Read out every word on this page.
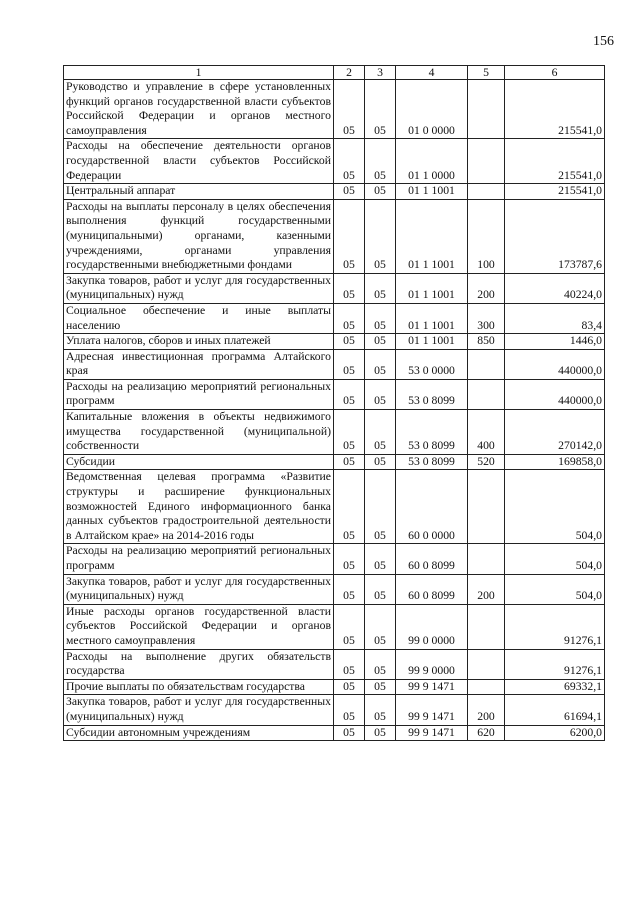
156
1	2	3	4	5	6
Руководство и управление в сфере установленных функций органов государственной власти субъектов Российской Федерации и органов местного самоуправления	05	05	01 0 0000		215541,0
Расходы на обеспечение деятельности органов государственной власти субъектов Российской Федерации	05	05	01 1 0000		215541,0
Центральный аппарат	05	05	01 1 1001		215541,0
Расходы на выплаты персоналу в целях обеспечения выполнения функций государственными (муниципальными) органами, казенными учреждениями, органами управления государственными внебюджетными фондами	05	05	01 1 1001	100	173787,6
Закупка товаров, работ и услуг для государственных (муниципальных) нужд	05	05	01 1 1001	200	40224,0
Социальное обеспечение и иные выплаты населению	05	05	01 1 1001	300	83,4
Уплата налогов, сборов и иных платежей	05	05	01 1 1001	850	1446,0
Адресная инвестиционная программа Алтайского края	05	05	53 0 0000		440000,0
Расходы на реализацию мероприятий региональных программ	05	05	53 0 8099		440000,0
Капитальные вложения в объекты недвижимого имущества государственной (муниципальной) собственности	05	05	53 0 8099	400	270142,0
Субсидии	05	05	53 0 8099	520	169858,0
Ведомственная целевая программа «Развитие структуры и расширение функциональных возможностей Единого информационного банка данных субъектов градостроительной деятельности в Алтайском крае» на 2014-2016 годы	05	05	60 0 0000		504,0
Расходы на реализацию мероприятий региональных программ	05	05	60 0 8099		504,0
Закупка товаров, работ и услуг для государственных (муниципальных) нужд	05	05	60 0 8099	200	504,0
Иные расходы органов государственной власти субъектов Российской Федерации и органов местного самоуправления	05	05	99 0 0000		91276,1
Расходы на выполнение других обязательств государства	05	05	99 9 0000		91276,1
Прочие выплаты по обязательствам государства	05	05	99 9 1471		69332,1
Закупка товаров, работ и услуг для государственных (муниципальных) нужд	05	05	99 9 1471	200	61694,1
Субсидии автономным учреждениям	05	05	99 9 1471	620	6200,0
